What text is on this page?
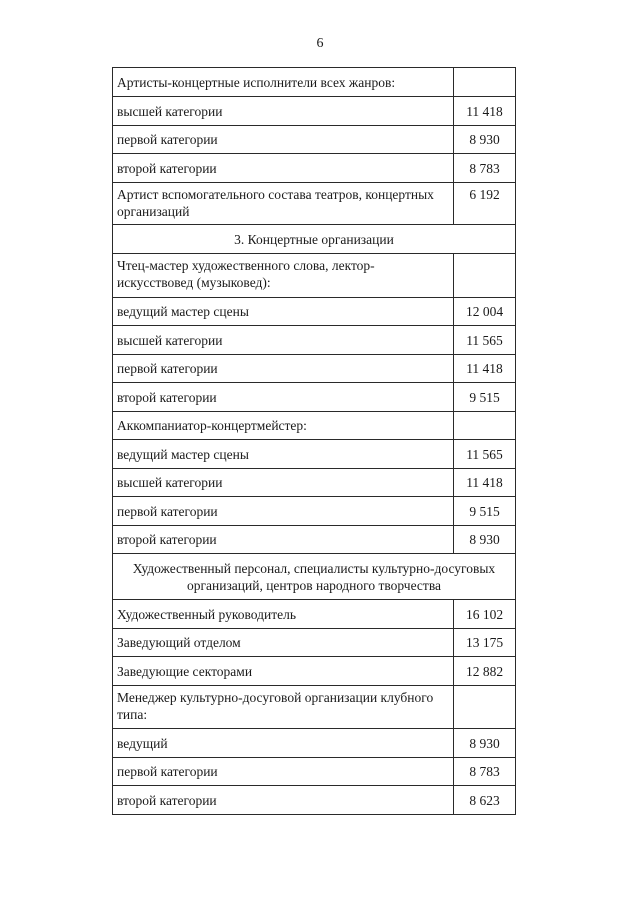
6
Артисты-концертные исполнители всех жанров:	
высшей категории	11 418
первой категории	8 930
второй категории	8 783
Артист вспомогательного состава театров, концертных организаций	6 192
3. Концертные организации	
Чтец-мастер художественного слова, лектор-искусствовед (музыковед):	
ведущий мастер сцены	12 004
высшей категории	11 565
первой категории	11 418
второй категории	9 515
Аккомпаниатор-концертмейстер:	
ведущий мастер сцены	11 565
высшей категории	11 418
первой категории	9 515
второй категории	8 930
Художественный персонал, специалисты культурно-досуговых организаций, центров народного творчества	
Художественный руководитель	16 102
Заведующий отделом	13 175
Заведующие секторами	12 882
Менеджер культурно-досуговой организации клубного типа:	
ведущий	8 930
первой категории	8 783
второй категории	8 623
